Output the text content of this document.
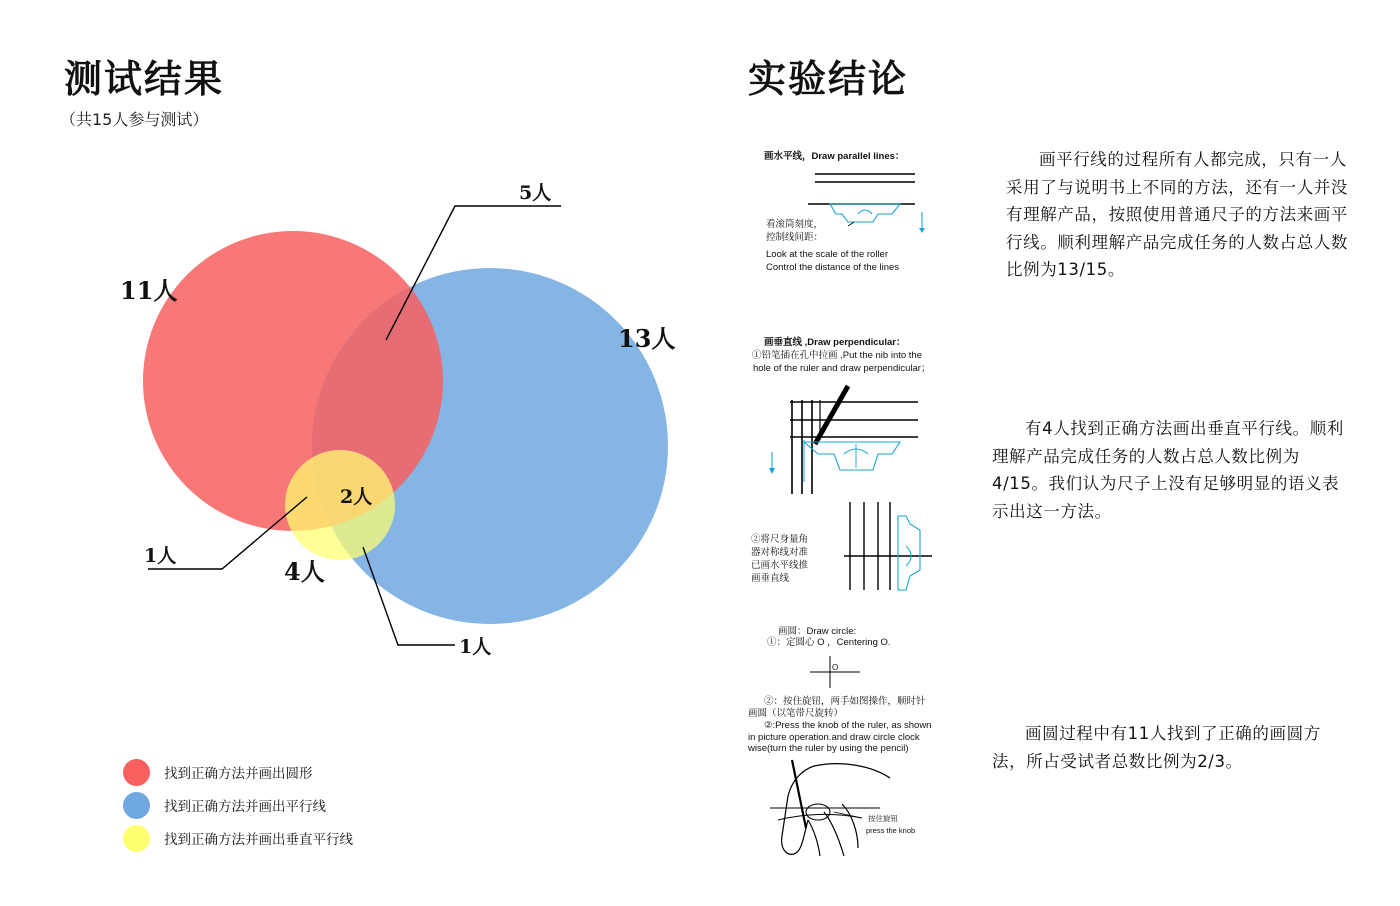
测试结果
（共15人参与测试）
11人
13人
4人
5人
2人
1人
1人
找到正确方法并画出圆形
找到正确方法并画出平行线
找到正确方法并画出垂直平行线
实验结论
画水平线，Draw parallel lines：
看滚筒刻度，
控制线间距：
Look at the scale of the roller
Control the distance of the lines
画垂直线 ,Draw perpendicular：
①铅笔插在孔中拉画 ,Put the nib into the
hole of the ruler and draw perpendicular；
②将尺身量角
器对称线对准
已画水平线推
画垂直线
画圆：Draw circle:
①：定圆心 O ，Centering O.
O
②：按住旋钮，两手如图操作，顺时针
画圆（以笔带尺旋转）
②:Press the knob of the ruler, as shown
in picture operation.and draw circle clock
wise(turn the ruler by using the pencil)
按住旋钮
press the knob
画平行线的过程所有人都完成，只有一人采用了与说明书上不同的方法，还有一人并没有理解产品，按照使用普通尺子的方法来画平行线。顺利理解产品完成任务的人数占总人数比例为13/15。
有4人找到正确方法画出垂直平行线。顺利理解产品完成任务的人数占总人数比例为4/15。我们认为尺子上没有足够明显的语义表示出这一方法。
画圆过程中有11人找到了正确的画圆方法，所占受试者总数比例为2/3。
